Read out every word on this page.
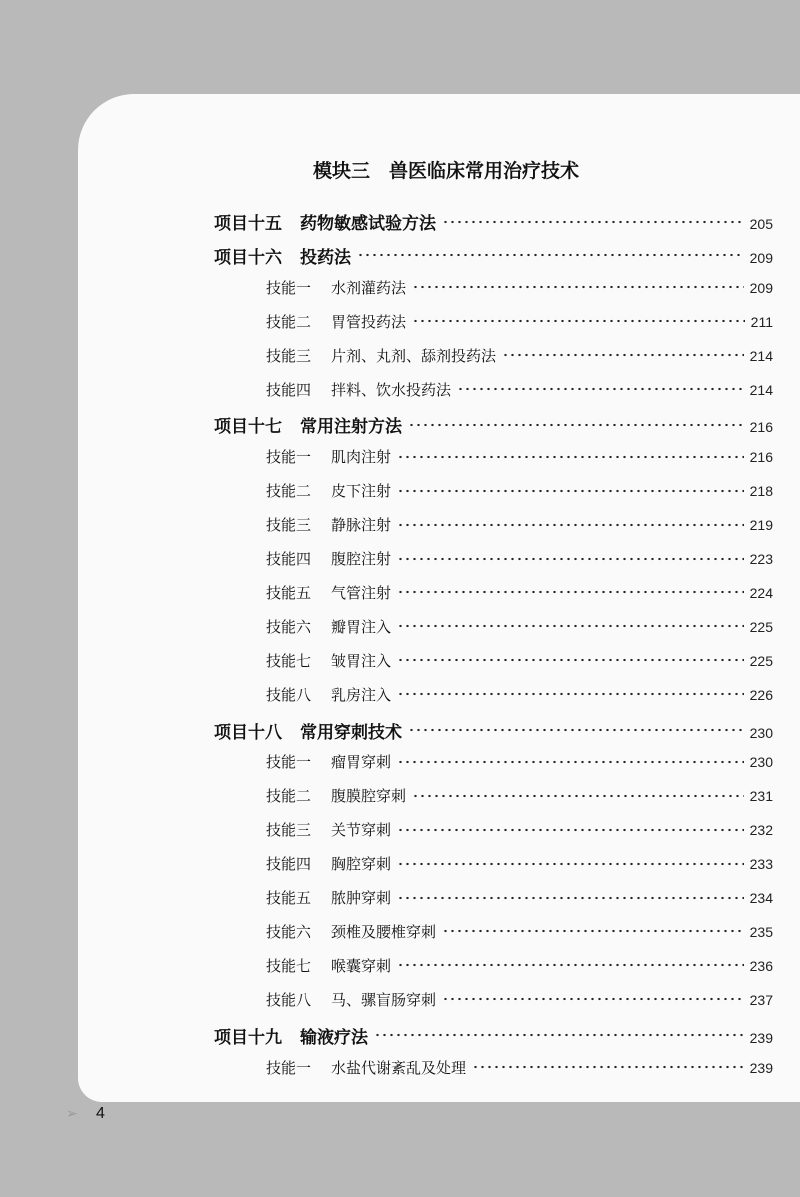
模块三　兽医临床常用治疗技术
项目十五	药物敏感试验方法	205
项目十六	投药法	209
技能一	水剂灌药法	209
技能二	胃管投药法	211
技能三	片剂、丸剂、舔剂投药法	214
技能四	拌料、饮水投药法	214
项目十七	常用注射方法	216
技能一	肌肉注射	216
技能二	皮下注射	218
技能三	静脉注射	219
技能四	腹腔注射	223
技能五	气管注射	224
技能六	瓣胃注入	225
技能七	皱胃注入	225
技能八	乳房注入	226
项目十八	常用穿刺技术	230
技能一	瘤胃穿刺	230
技能二	腹膜腔穿刺	231
技能三	关节穿刺	232
技能四	胸腔穿刺	233
技能五	脓肿穿刺	234
技能六	颈椎及腰椎穿刺	235
技能七	喉囊穿刺	236
技能八	马、骡盲肠穿刺	237
项目十九	输液疗法	239
技能一	水盐代谢紊乱及处理	239
➢ 4
